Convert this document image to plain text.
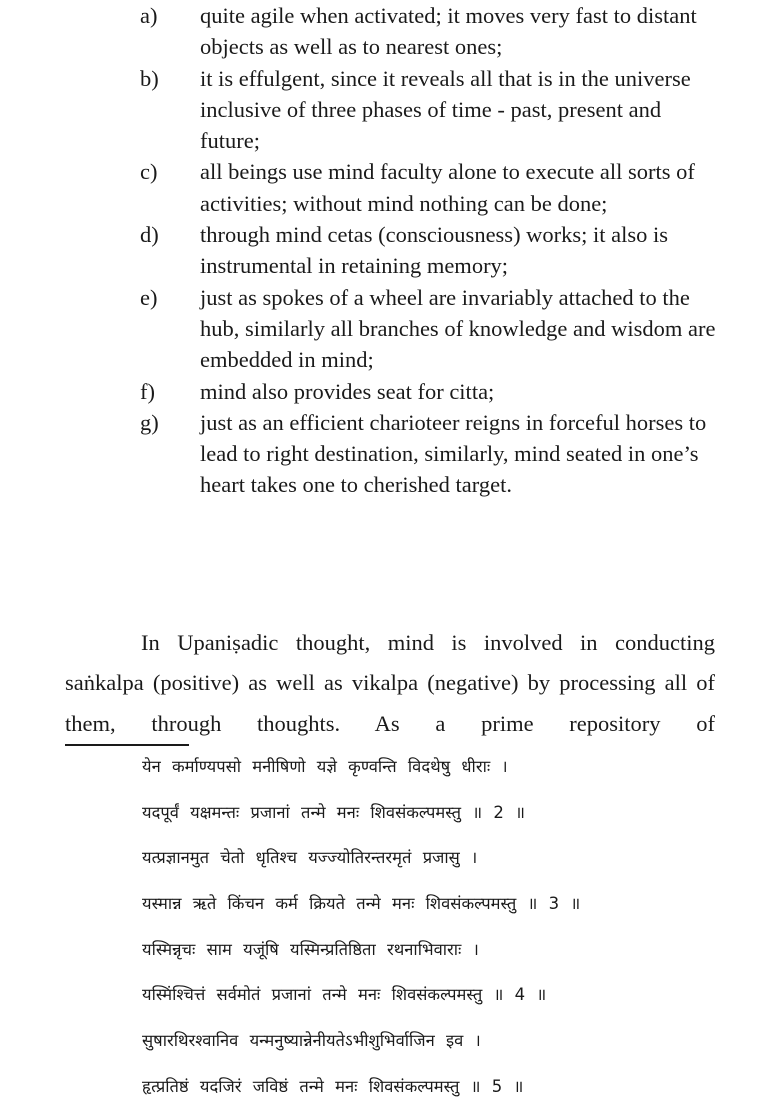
a)	quite agile when activated; it moves very fast to distant objects as well as to nearest ones;
b)	it is effulgent, since it reveals all that is in the universe inclusive of three phases of time - past, present and future;
c)	all beings use mind faculty alone to execute all sorts of activities; without mind nothing can be done;
d)	through mind cetas (consciousness) works; it also is instrumental in retaining memory;
e)	just as spokes of a wheel are invariably attached to the hub, similarly all branches of knowledge and wisdom are embedded in mind;
f)	mind also provides seat for citta;
g)	just as an efficient charioteer reigns in forceful horses to lead to right destination, similarly, mind seated in one’s heart takes one to cherished target.

In Upaniṣadic thought, mind is involved in conducting saṅkalpa (positive) as well as vikalpa (negative) by processing all of them, through thoughts. As a prime repository of

येन कर्माण्यपसो मनीषिणो यज्ञे कृण्वन्ति विदथेषु धीराः ।
यदपूर्वं यक्षमन्तः प्रजानां तन्मे मनः शिवसंकल्पमस्तु ॥ 2 ॥
यत्प्रज्ञानमुत चेतो धृतिश्च यज्ज्योतिरन्तरमृतं प्रजासु ।
यस्मान्न ऋते किंचन कर्म क्रियते तन्मे मनः शिवसंकल्पमस्तु ॥ 3 ॥
यस्मिन्नृचः साम यजूंषि यस्मिन्प्रतिष्ठिता रथनाभिवाराः ।
यस्मिंश्चित्तं सर्वमोतं प्रजानां तन्मे मनः शिवसंकल्पमस्तु ॥ 4 ॥
सुषारथिरश्वानिव यन्मनुष्यान्नेनीयतेऽभीशुभिर्वाजिन इव ।
हृत्प्रतिष्ठं यदजिरं जविष्ठं तन्मे मनः शिवसंकल्पमस्तु ॥ 5 ॥
